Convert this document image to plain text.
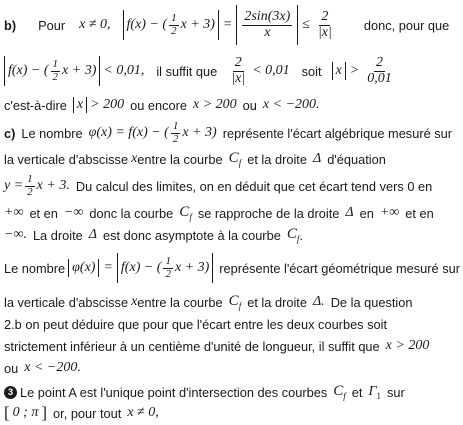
b) Pour x ≠ 0, f(x) − ( 1
2 x + 3) =
2sin(3x)
$x \le \frac{2}{|x|}$ donc, pour que
f(x) − ( 1
2 x + 3) < 0,01, il suffit que
2
|x| < 0,01 soit x >
2
0,01
c'est-à-dire x > 200 ou encore x > 200 ou x < −200.
c) Le nombre φ(x) = f(x) − ( 1
2 x + 3) représente l'écart algébrique mesuré sur
la verticale d'abscisse x entre la courbe $C_f$ et la droite Δ d'équation
$y = \frac{1}{2}$ x + 3. Du calcul des limites, on en déduit que cet écart tend vers 0 en
+∞ et en −∞ donc la courbe $C_f$ se rapproche de la droite Δ en +∞ et en
−∞. La droite Δ est donc asymptote à la courbe $C_f$ .
Le nombre φ(x) = f(x) − ( 1
2 x + 3) représente l'écart géométrique mesuré sur
la verticale d'abscisse x entre la courbe $C_f$ et la droite Δ. De la question
2.b on peut déduire que pour que l'écart entre les deux courbes soit
strictement inférieur à un centième d'unité de longueur, il suffit que x > 200
ou x < −200.
3 Le point A est l'unique point d'intersection des courbes $C_f$ et $\Gamma_1$ sur
[ 0 ; π ] or, pour tout x ≠ 0,
